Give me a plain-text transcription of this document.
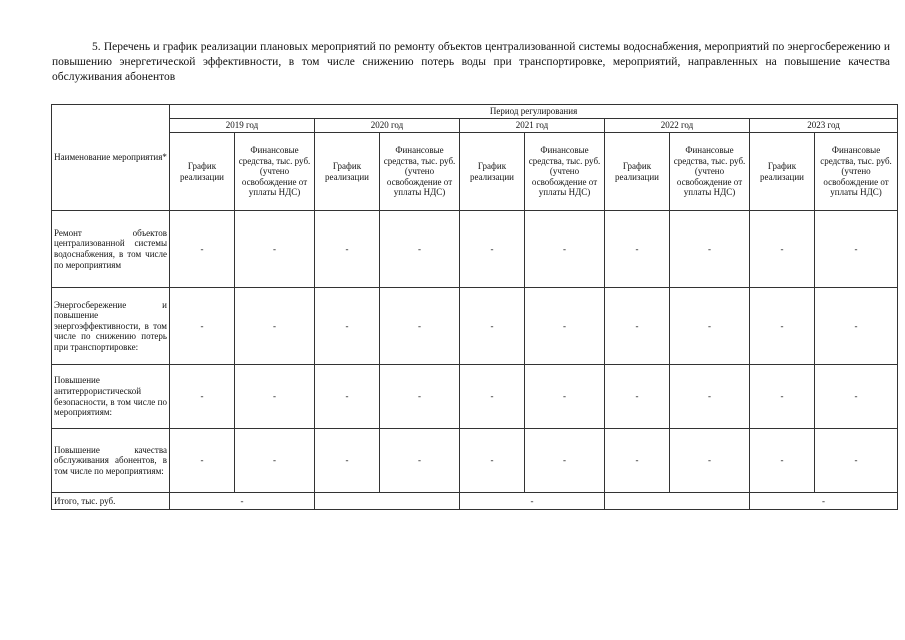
5. Перечень и график реализации плановых мероприятий по ремонту объектов централизованной системы водоснабжения, мероприятий по энергосбережению и повышению энергетической эффективности, в том числе снижению потерь воды при транспортировке, мероприятий, направленных на повышение качества обслуживания абонентов

Наименование мероприятия*	Период регулирования									
	2019 год		2020 год		2021 год		2022 год		2023 год	
	График реализации	Финансовые средства, тыс. руб. (учтено освобождение от уплаты НДС)	График реализации	Финансовые средства, тыс. руб. (учтено освобождение от уплаты НДС)	График реализации	Финансовые средства, тыс. руб. (учтено освобождение от уплаты НДС)	График реализации	Финансовые средства, тыс. руб. (учтено освобождение от уплаты НДС)	График реализации	Финансовые средства, тыс. руб. (учтено освобождение от уплаты НДС)
Ремонт объектов централизованной системы водоснабжения, в том числе по мероприятиям	-	-	-	-	-	-	-	-	-	-
Энергосбережение и повышение энергоэффективности, в том числе по снижению потерь при транспортировке:	-	-	-	-	-	-	-	-	-	-
Повышение антитеррористической безопасности, в том числе по мероприятиям:	-	-	-	-	-	-	-	-	-	-
Повышение качества обслуживания абонентов, в том числе по мероприятиям:	-	-	-	-	-	-	-	-	-	-
Итого, тыс. руб.	-				-				-	
